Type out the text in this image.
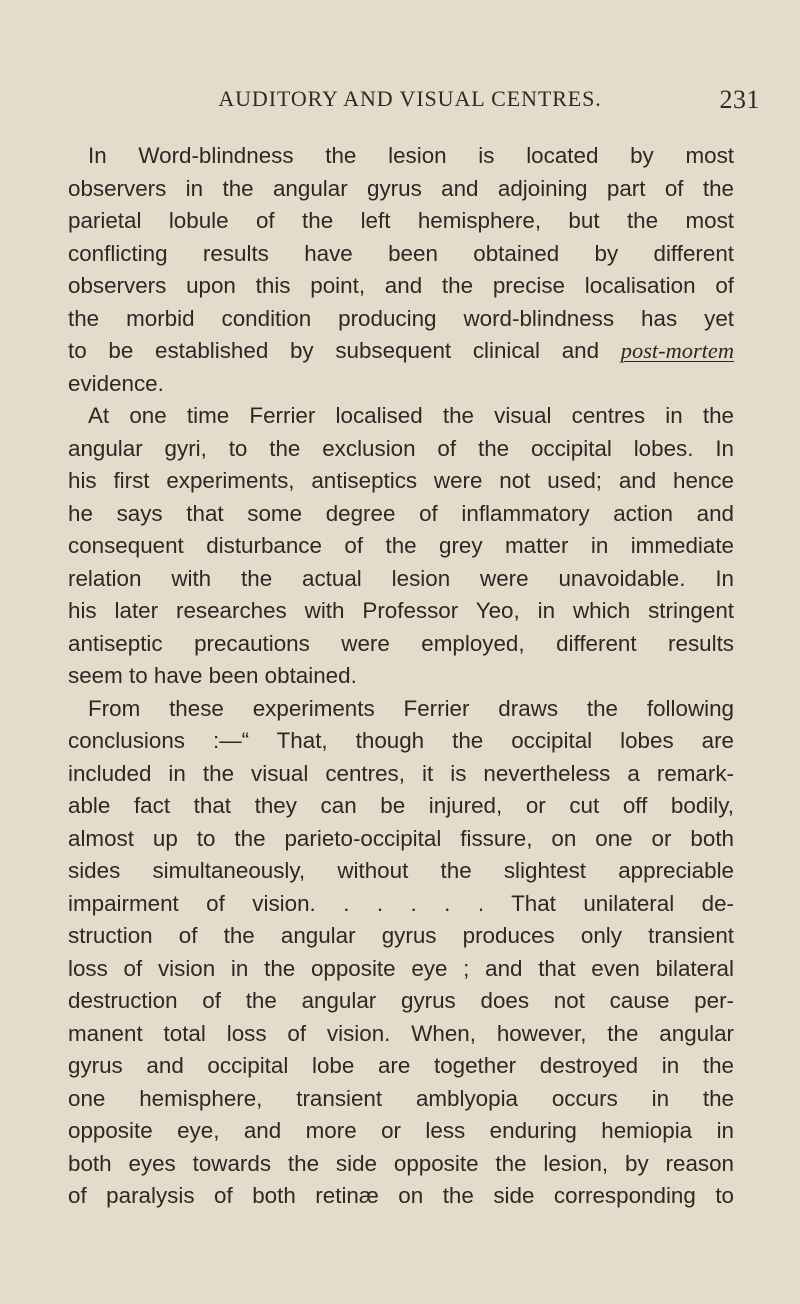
AUDITORY AND VISUAL CENTRES.	231
In Word-blindness the lesion is located by most
observers in the angular gyrus and adjoining part of the
parietal lobule of the left hemisphere, but the most
conflicting results have been obtained by different
observers upon this point, and the precise localisation of
the morbid condition producing word-blindness has yet
to be established by subsequent clinical and post-mortem
evidence.
At one time Ferrier localised the visual centres in the
angular gyri, to the exclusion of the occipital lobes. In
his first experiments, antiseptics were not used; and hence
he says that some degree of inflammatory action and
consequent disturbance of the grey matter in immediate
relation with the actual lesion were unavoidable. In
his later researches with Professor Yeo, in which stringent
antiseptic precautions were employed, different results
seem to have been obtained.
From these experiments Ferrier draws the following
conclusions :—“ That, though the occipital lobes are
included in the visual centres, it is nevertheless a remark-
able fact that they can be injured, or cut off bodily,
almost up to the parieto-occipital fissure, on one or both
sides simultaneously, without the slightest appreciable
impairment of vision. . . . . . That unilateral de-
struction of the angular gyrus produces only transient
loss of vision in the opposite eye ; and that even bilateral
destruction of the angular gyrus does not cause per-
manent total loss of vision. When, however, the angular
gyrus and occipital lobe are together destroyed in the
one hemisphere, transient amblyopia occurs in the
opposite eye, and more or less enduring hemiopia in
both eyes towards the side opposite the lesion, by reason
of paralysis of both retinæ on the side corresponding to
